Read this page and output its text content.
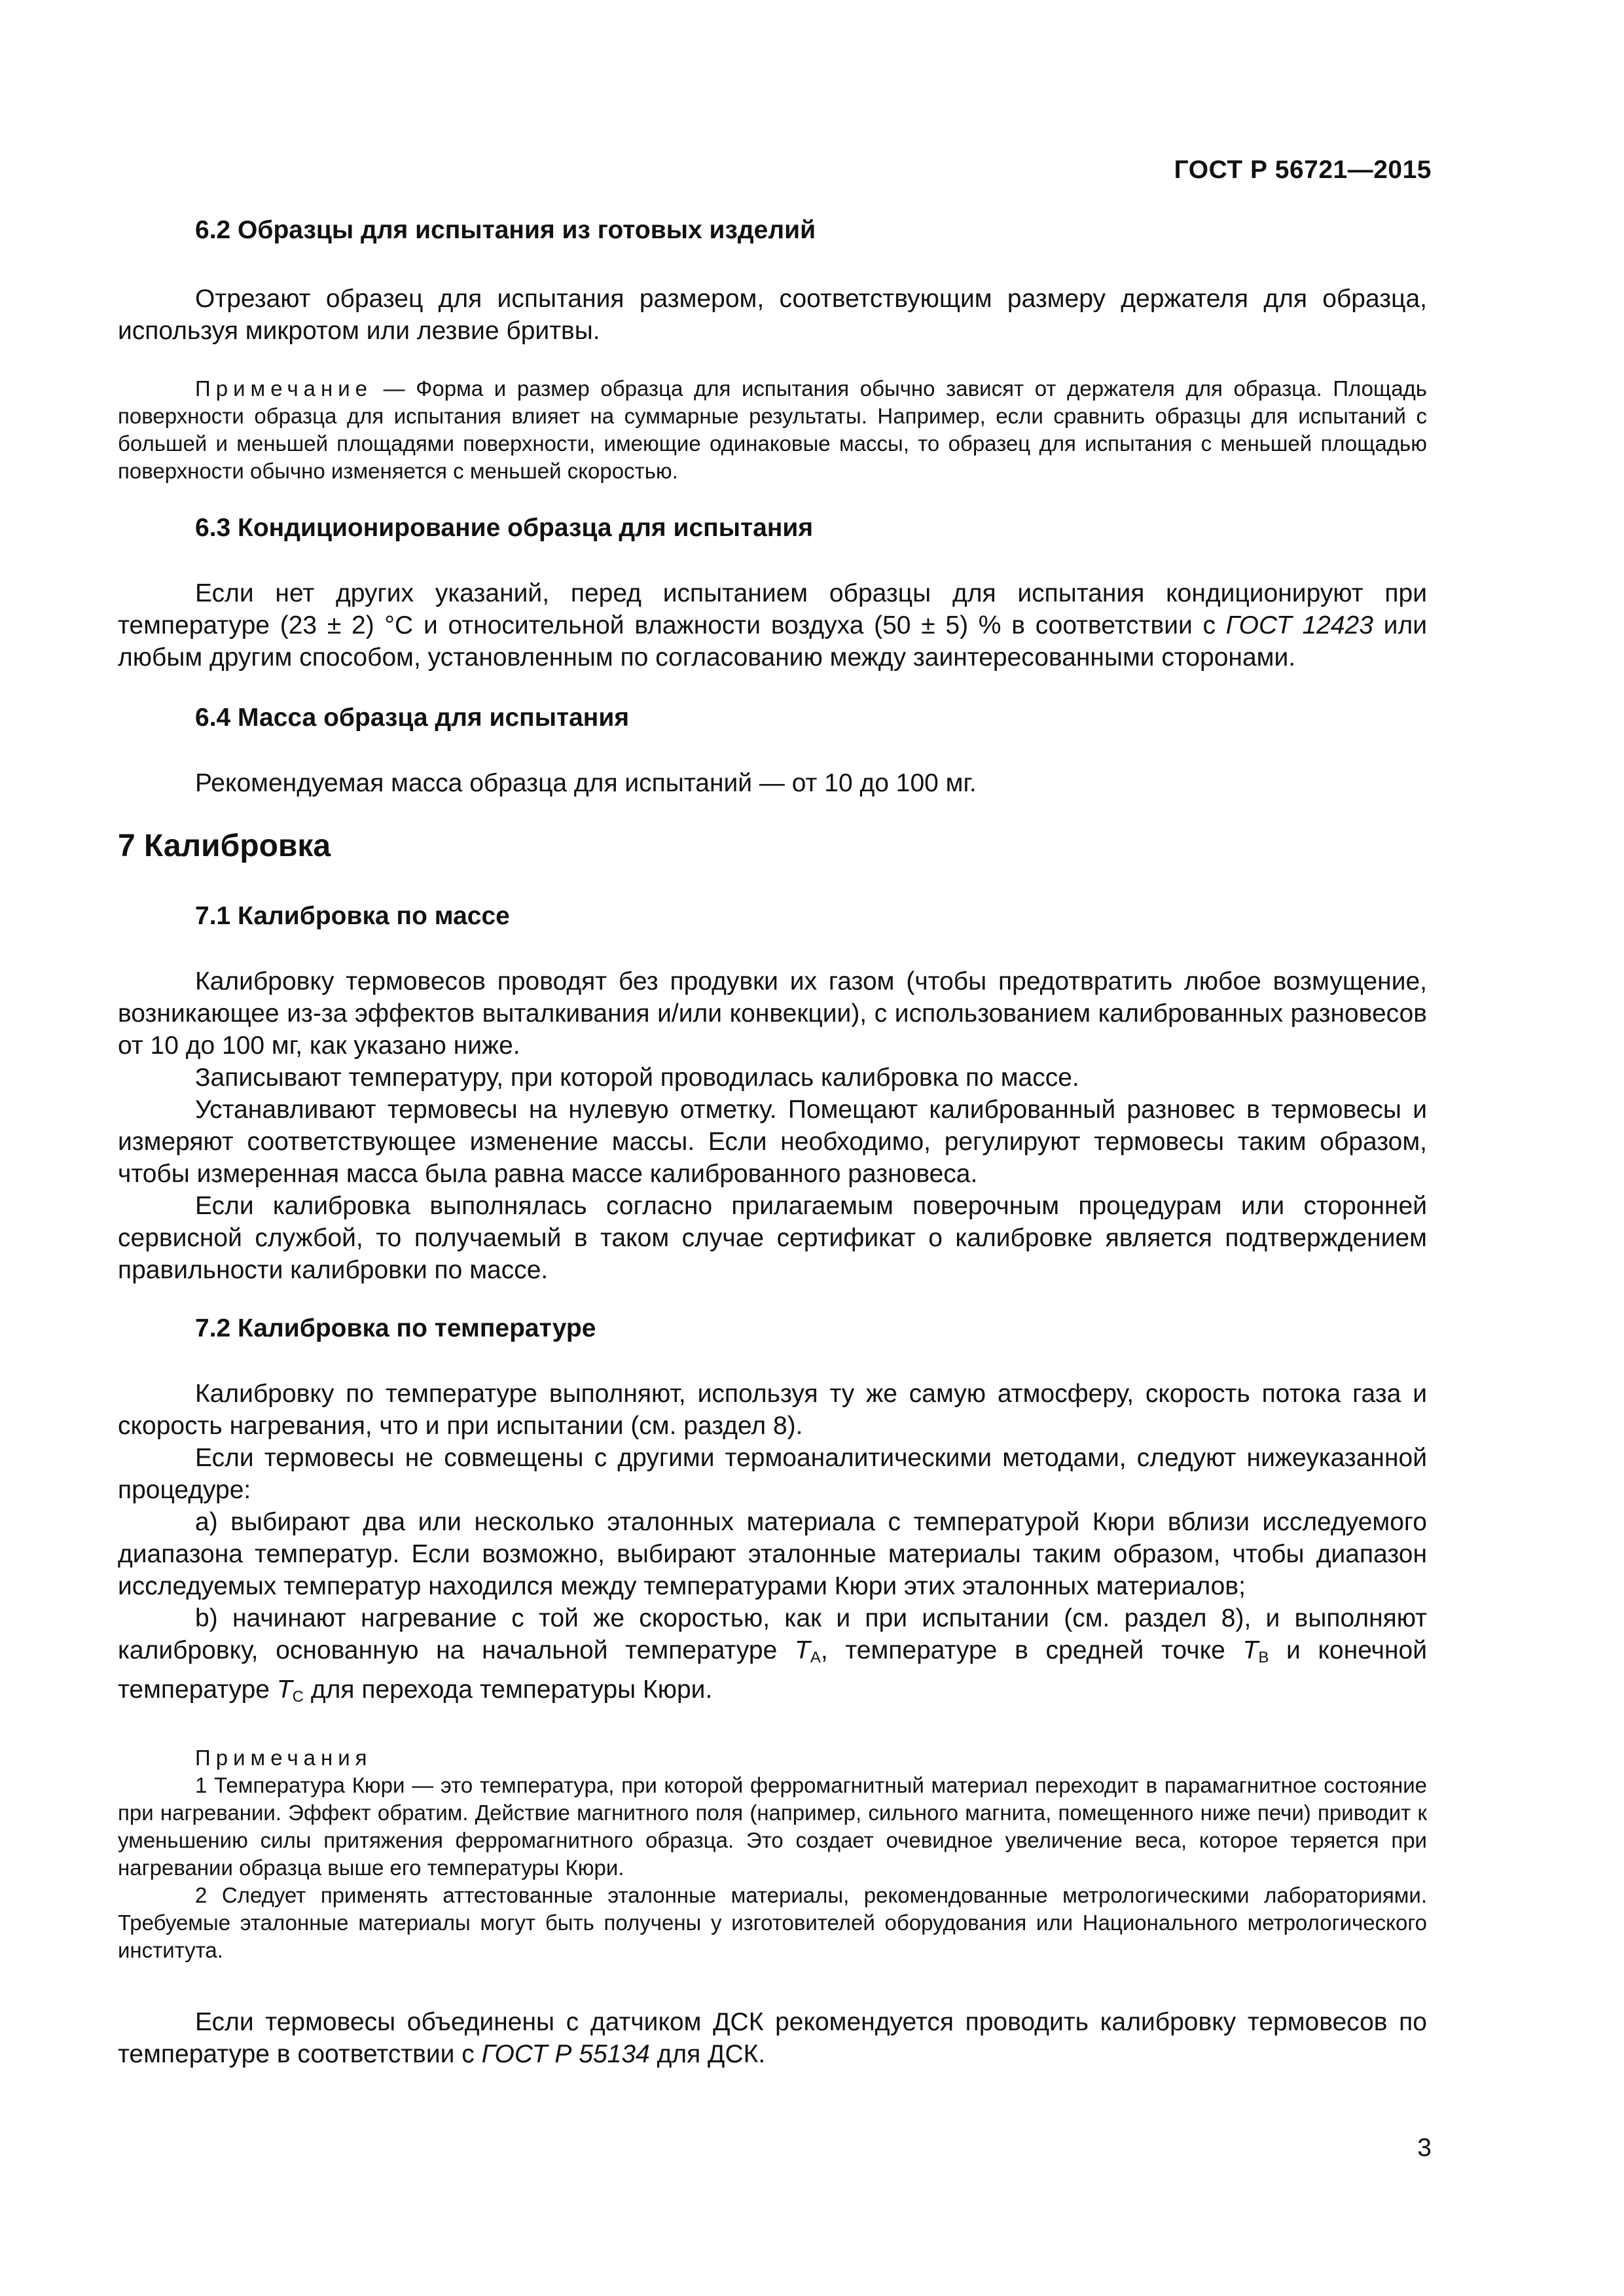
ГОСТ Р 56721—2015
6.2 Образцы для испытания из готовых изделий

Отрезают образец для испытания размером, соответствующим размеру держателя для образца, используя микротом или лезвие бритвы.

Примечание — Форма и размер образца для испытания обычно зависят от держателя для образца. Площадь поверхности образца для испытания влияет на суммарные результаты. Например, если сравнить образцы для испытаний с большей и меньшей площадями поверхности, имеющие одинаковые массы, то образец для испытания с меньшей площадью поверхности обычно изменяется с меньшей скоростью.

6.3 Кондиционирование образца для испытания

Если нет других указаний, перед испытанием образцы для испытания кондиционируют при температуре (23 ± 2) °С и относительной влажности воздуха (50 ± 5) % в соответствии с ГОСТ 12423 или любым другим способом, установленным по согласованию между заинтересованными сторонами.

6.4 Масса образца для испытания

Рекомендуемая масса образца для испытаний — от 10 до 100 мг.

7 Калибровка
7.1 Калибровка по массе

Калибровку термовесов проводят без продувки их газом (чтобы предотвратить любое возмущение, возникающее из-за эффектов выталкивания и/или конвекции), с использованием калиброванных разновесов от 10 до 100 мг, как указано ниже.

Записывают температуру, при которой проводилась калибровка по массе.

Устанавливают термовесы на нулевую отметку. Помещают калиброванный разновес в термовесы и измеряют соответствующее изменение массы. Если необходимо, регулируют термовесы таким образом, чтобы измеренная масса была равна массе калиброванного разновеса.

Если калибровка выполнялась согласно прилагаемым поверочным процедурам или сторонней сервисной службой, то получаемый в таком случае сертификат о калибровке является подтверждением правильности калибровки по массе.

7.2 Калибровка по температуре

Калибровку по температуре выполняют, используя ту же самую атмосферу, скорость потока газа и скорость нагревания, что и при испытании (см. раздел 8).

Если термовесы не совмещены с другими термоаналитическими методами, следуют нижеуказанной процедуре:

a) выбирают два или несколько эталонных материала с температурой Кюри вблизи исследуемого диапазона температур. Если возможно, выбирают эталонные материалы таким образом, чтобы диапазон исследуемых температур находился между температурами Кюри этих эталонных материалов;

b) начинают нагревание с той же скоростью, как и при испытании (см. раздел 8), и выполняют калибровку, основанную на начальной температуре $T_A$, температуре в средней точке $T_B$ и конечной температуре $T_C$ для перехода температуры Кюри.

Примечания

1 Температура Кюри — это температура, при которой ферромагнитный материал переходит в парамагнитное состояние при нагревании. Эффект обратим. Действие магнитного поля (например, сильного магнита, помещенного ниже печи) приводит к уменьшению силы притяжения ферромагнитного образца. Это создает очевидное увеличение веса, которое теряется при нагревании образца выше его температуры Кюри.

2 Следует применять аттестованные эталонные материалы, рекомендованные метрологическими лабораториями. Требуемые эталонные материалы могут быть получены у изготовителей оборудования или Национального метрологического института.

Если термовесы объединены с датчиком ДСК рекомендуется проводить калибровку термовесов по температуре в соответствии с ГОСТ Р 55134 для ДСК.

3
